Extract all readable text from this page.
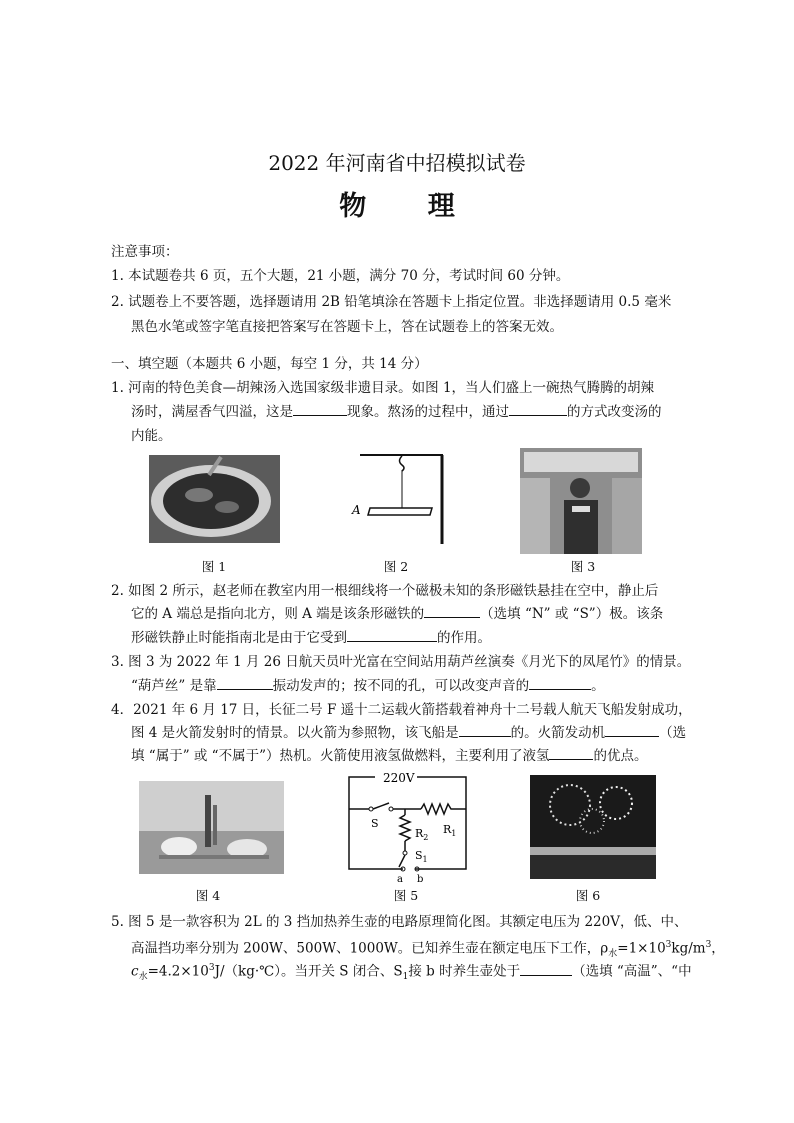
2022 年河南省中招模拟试卷
物 理
注意事项：
1. 本试题卷共 6 页，五个大题，21 小题，满分 70 分，考试时间 60 分钟。
2. 试题卷上不要答题，选择题请用 2B 铅笔填涂在答题卡上指定位置。非选择题请用 0.5 毫米
黑色水笔或签字笔直接把答案写在答题卡上，答在试题卷上的答案无效。
一、填空题（本题共 6 小题，每空 1 分，共 14 分）
1. 河南的特色美食—胡辣汤入选国家级非遗目录。如图 1，当人们盛上一碗热气腾腾的胡辣
汤时，满屋香气四溢，这是	现象。熬汤的过程中，通过	的方式改变汤的
内能。
A
图 1	图 2	图 3
2. 如图 2 所示，赵老师在教室内用一根细线将一个磁极未知的条形磁铁悬挂在空中，静止后
它的 A 端总是指向北方，则 A 端是该条形磁铁的	（选填 “N” 或 “S”）极。该条
形磁铁静止时能指南北是由于它受到	的作用。
3. 图 3 为 2022 年 1 月 26 日航天员叶光富在空间站用葫芦丝演奏《月光下的凤尾竹》的情景。
“葫芦丝” 是靠	振动发声的；按不同的孔，可以改变声音的	。
4．2021 年 6 月 17 日，长征二号 F 遥十二运载火箭搭载着神舟十二号载人航天飞船发射成功，
图 4 是火箭发射时的情景。以火箭为参照物，该飞船是	的。火箭发动机	（选
填 “属于” 或 “不属于”）热机。火箭使用液氢做燃料，主要利用了液氢	的优点。
220V
S	$R_1$
$R_2$
$S_1$
a b
图 4	图 5	图 6
5. 图 5 是一款容积为 2L 的 3 挡加热养生壶的电路原理简化图。其额定电压为 220V，低、中、
高温挡功率分别为 200W、500W、1000W。已知养生壶在额定电压下工作，$\rho_水=1\times 10^3kg/m^3$，
$c_水=4.2\times 10^3J/(kg\cdot℃)$。当开关 S 闭合、$S_1$接 b 时养生壶处于	（选填 “高温”、“中
